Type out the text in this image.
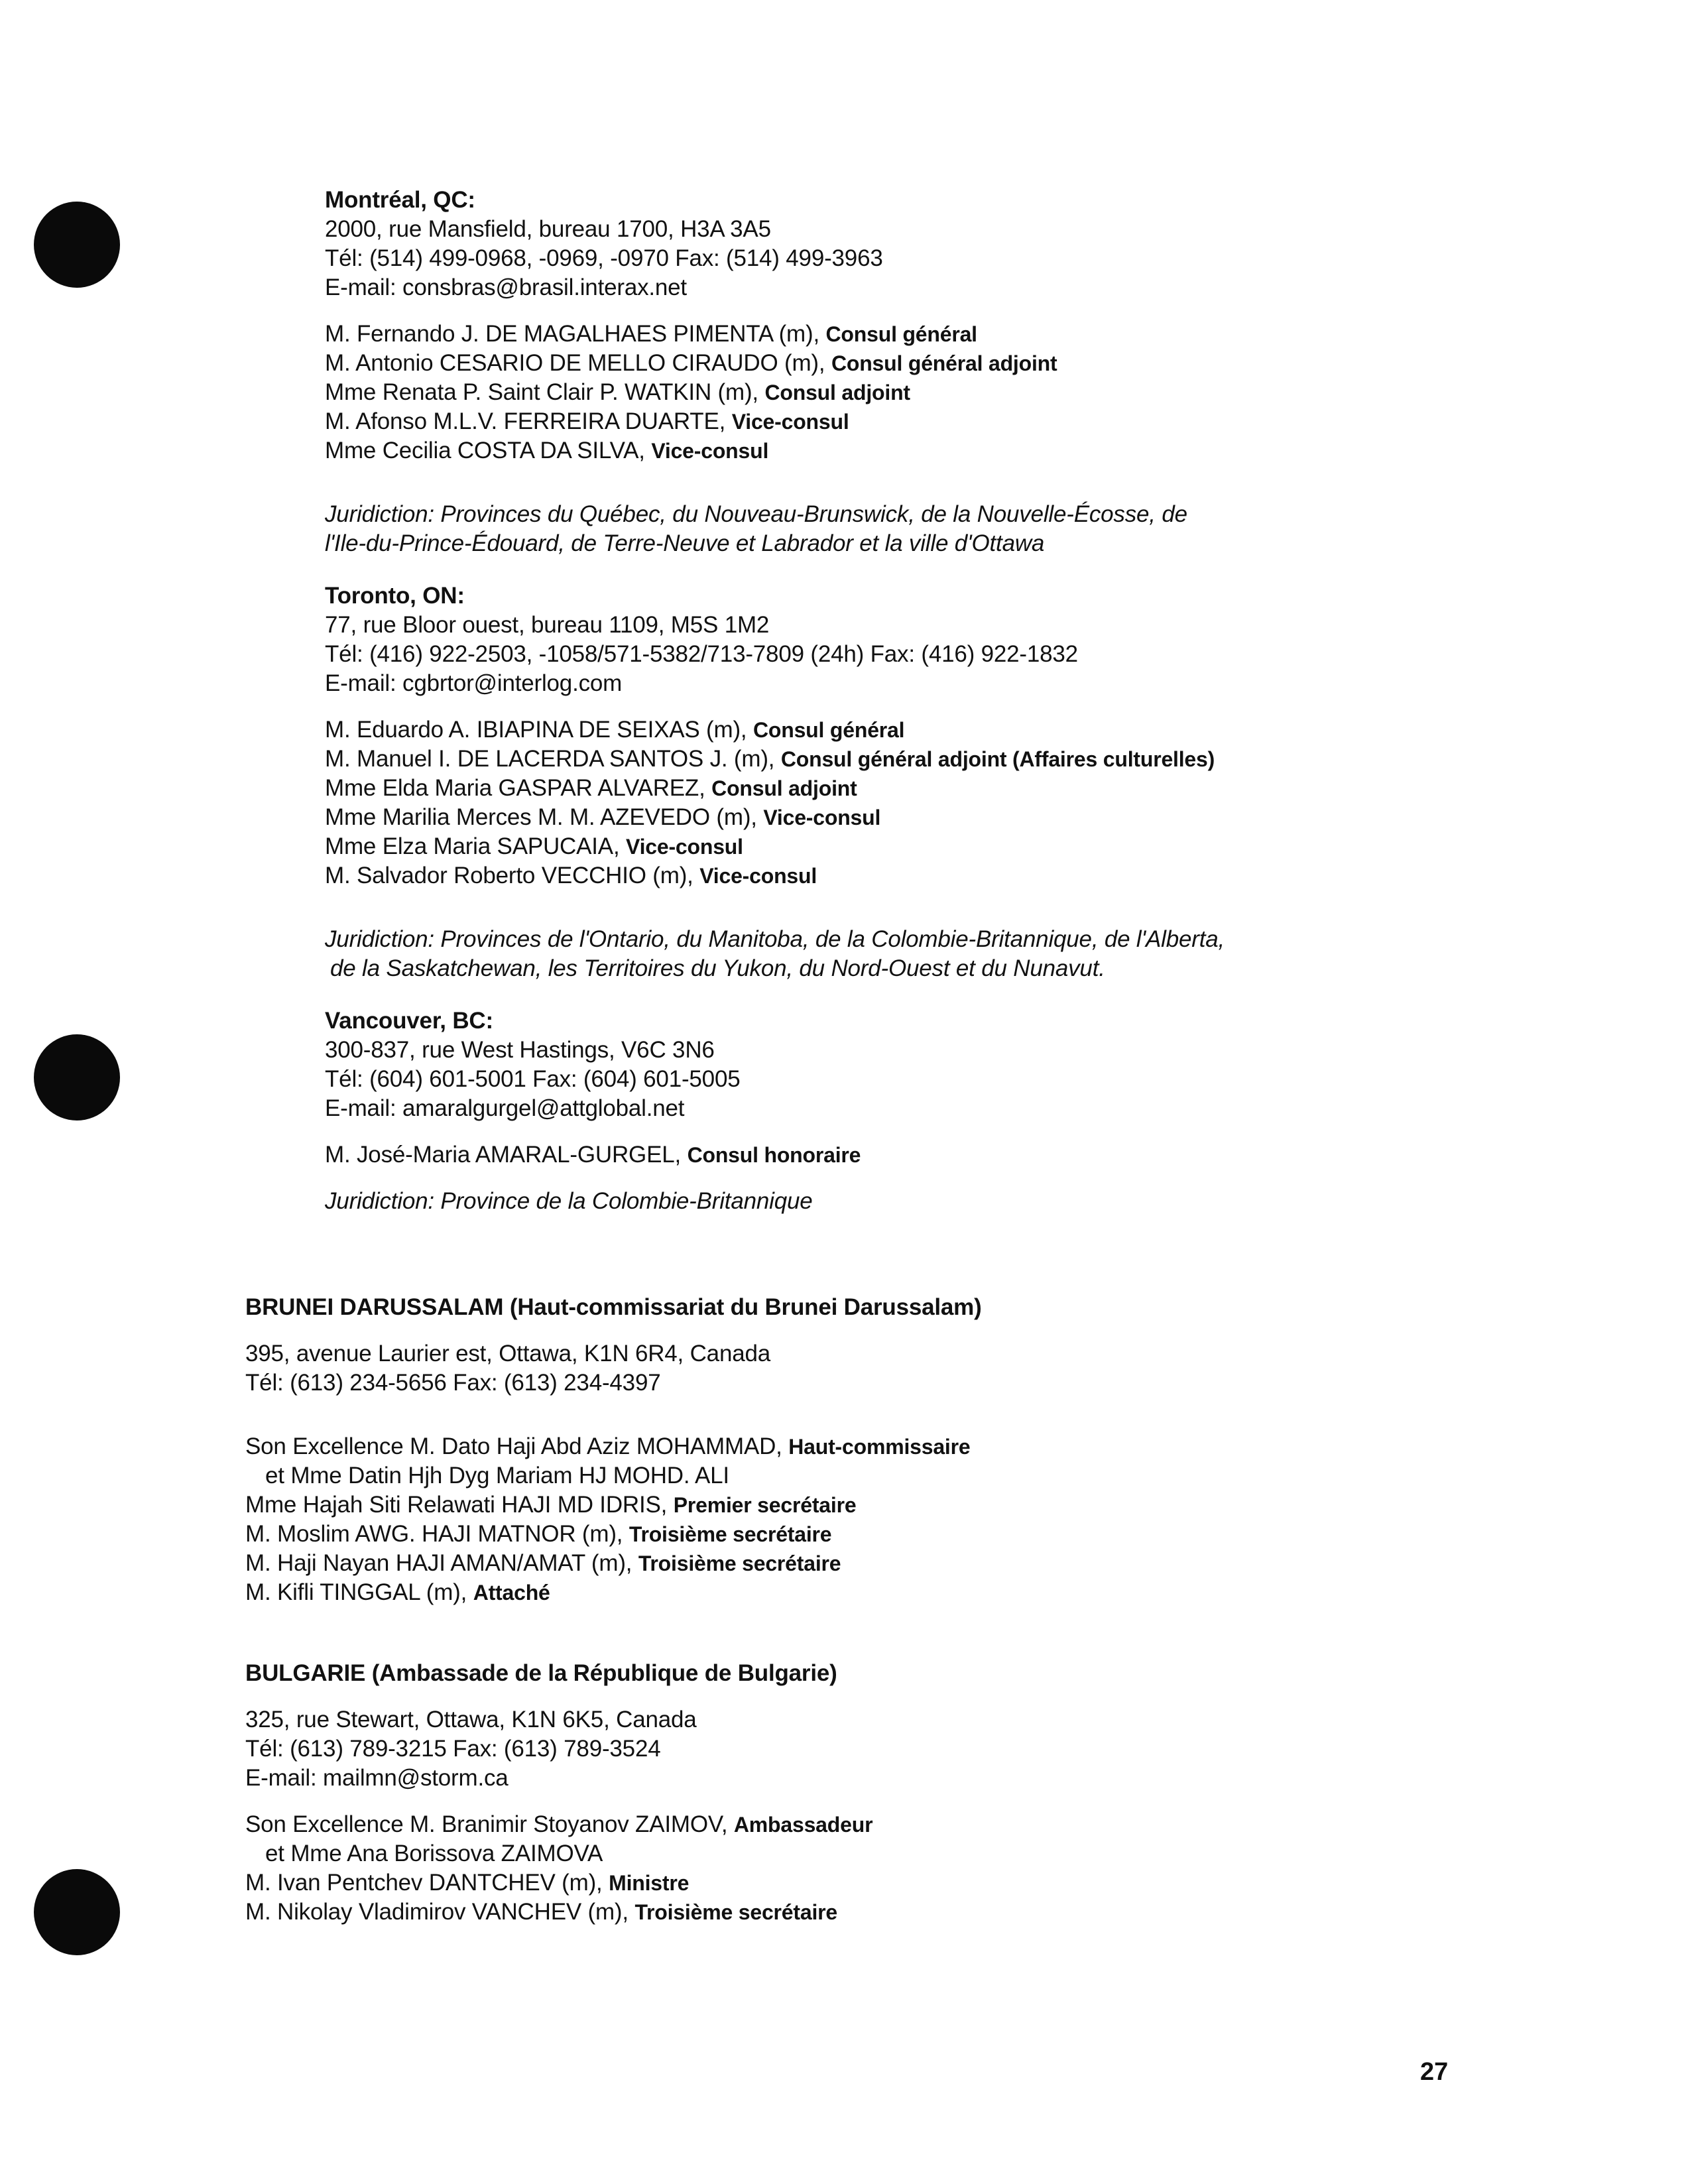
Montréal, QC:
2000, rue Mansfield, bureau 1700, H3A 3A5
Tél: (514) 499-0968, -0969, -0970 Fax: (514) 499-3963
E-mail: consbras@brasil.interax.net
M. Fernando J. DE MAGALHAES PIMENTA (m), Consul général
M. Antonio CESARIO DE MELLO CIRAUDO (m), Consul général adjoint
Mme Renata P. Saint Clair P. WATKIN (m), Consul adjoint
M. Afonso M.L.V. FERREIRA DUARTE, Vice-consul
Mme Cecilia COSTA DA SILVA, Vice-consul
Juridiction: Provinces du Québec, du Nouveau-Brunswick, de la Nouvelle-Écosse, de
l'Ile-du-Prince-Édouard, de Terre-Neuve et Labrador et la ville d'Ottawa
Toronto, ON:
77, rue Bloor ouest, bureau 1109, M5S 1M2
Tél: (416) 922-2503, -1058/571-5382/713-7809 (24h) Fax: (416) 922-1832
E-mail: cgbrtor@interlog.com
M. Eduardo A. IBIAPINA DE SEIXAS (m), Consul général
M. Manuel I. DE LACERDA SANTOS J. (m), Consul général adjoint (Affaires culturelles)
Mme Elda Maria GASPAR ALVAREZ, Consul adjoint
Mme Marilia Merces M. M. AZEVEDO (m), Vice-consul
Mme Elza Maria SAPUCAIA, Vice-consul
M. Salvador Roberto VECCHIO (m), Vice-consul
Juridiction: Provinces de l'Ontario, du Manitoba, de la Colombie-Britannique, de l'Alberta,
de la Saskatchewan, les Territoires du Yukon, du Nord-Ouest et du Nunavut.
Vancouver, BC:
300-837, rue West Hastings, V6C 3N6
Tél: (604) 601-5001 Fax: (604) 601-5005
E-mail: amaralgurgel@attglobal.net
M. José-Maria AMARAL-GURGEL, Consul honoraire
Juridiction: Province de la Colombie-Britannique
BRUNEI DARUSSALAM (Haut-commissariat du Brunei Darussalam)
395, avenue Laurier est, Ottawa, K1N 6R4, Canada
Tél: (613) 234-5656 Fax: (613) 234-4397
Son Excellence M. Dato Haji Abd Aziz MOHAMMAD, Haut-commissaire
et Mme Datin Hjh Dyg Mariam HJ MOHD. ALI
Mme Hajah Siti Relawati HAJI MD IDRIS, Premier secrétaire
M. Moslim AWG. HAJI MATNOR (m), Troisième secrétaire
M. Haji Nayan HAJI AMAN/AMAT (m), Troisième secrétaire
M. Kifli TINGGAL (m), Attaché
BULGARIE (Ambassade de la République de Bulgarie)
325, rue Stewart, Ottawa, K1N 6K5, Canada
Tél: (613) 789-3215 Fax: (613) 789-3524
E-mail: mailmn@storm.ca
Son Excellence M. Branimir Stoyanov ZAIMOV, Ambassadeur
et Mme Ana Borissova ZAIMOVA
M. Ivan Pentchev DANTCHEV (m), Ministre
M. Nikolay Vladimirov VANCHEV (m), Troisième secrétaire
27
